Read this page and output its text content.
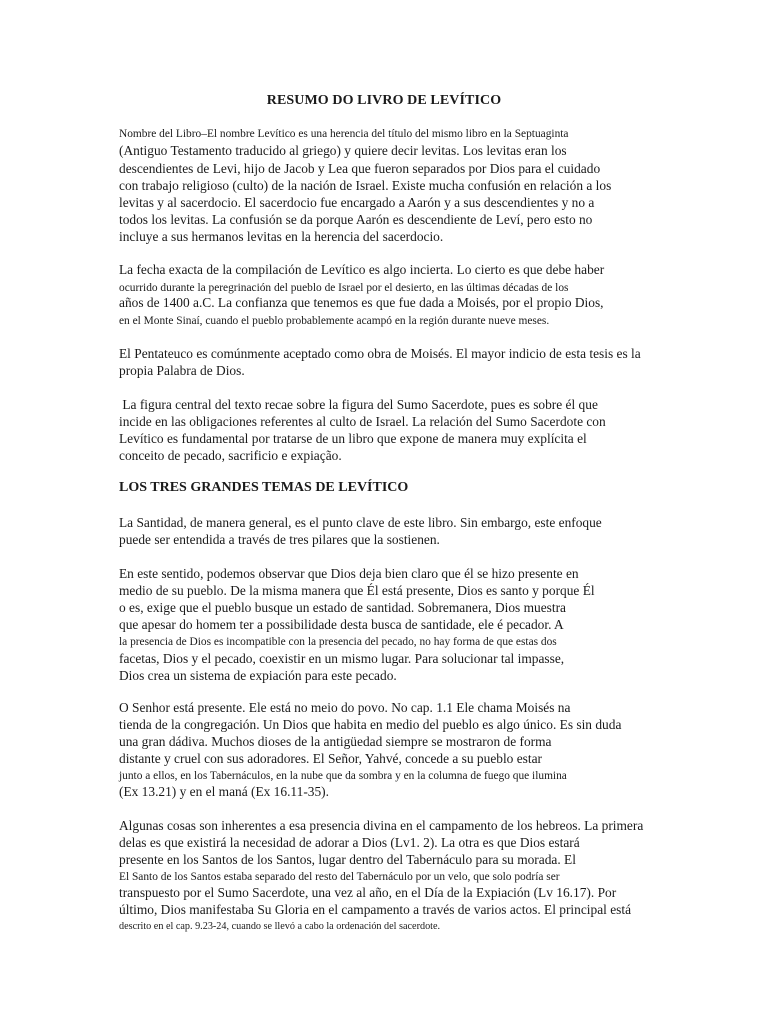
RESUMO DO LIVRO DE LEVÍTICO
Nombre del Libro–El nombre Levítico es una herencia del título del mismo libro en la Septuaginta
(Antiguo Testamento traducido al griego) y quiere decir levitas. Los levitas eran los
descendientes de Levi, hijo de Jacob y Lea que fueron separados por Dios para el cuidado
con trabajo religioso (culto) de la nación de Israel. Existe mucha confusión en relación a los
levitas y al sacerdocio. El sacerdocio fue encargado a Aarón y a sus descendientes y no a
todos los levitas. La confusión se da porque Aarón es descendiente de Leví, pero esto no
incluye a sus hermanos levitas en la herencia del sacerdocio.
La fecha exacta de la compilación de Levítico es algo incierta. Lo cierto es que debe haber
ocurrido durante la peregrinación del pueblo de Israel por el desierto, en las últimas décadas de los
años de 1400 a.C. La confianza que tenemos es que fue dada a Moisés, por el propio Dios,
en el Monte Sinaí, cuando el pueblo probablemente acampó en la región durante nueve meses.
El Pentateuco es comúnmente aceptado como obra de Moisés. El mayor indicio de esta tesis es la
propia Palabra de Dios.
La figura central del texto recae sobre la figura del Sumo Sacerdote, pues es sobre él que
incide en las obligaciones referentes al culto de Israel. La relación del Sumo Sacerdote con
Levítico es fundamental por tratarse de un libro que expone de manera muy explícita el
conceito de pecado, sacrificio e expiação.
LOS TRES GRANDES TEMAS DE LEVÍTICO
La Santidad, de manera general, es el punto clave de este libro. Sin embargo, este enfoque
puede ser entendida a través de tres pilares que la sostienen.
En este sentido, podemos observar que Dios deja bien claro que él se hizo presente en
medio de su pueblo. De la misma manera que Él está presente, Dios es santo y porque Él
o es, exige que el pueblo busque un estado de santidad. Sobremanera, Dios muestra
que apesar do homem ter a possibilidade desta busca de santidade, ele é pecador. A
la presencia de Dios es incompatible con la presencia del pecado, no hay forma de que estas dos
facetas, Dios y el pecado, coexistir en un mismo lugar. Para solucionar tal impasse,
Dios crea un sistema de expiación para este pecado.
O Senhor está presente. Ele está no meio do povo. No cap. 1.1 Ele chama Moisés na
tienda de la congregación. Un Dios que habita en medio del pueblo es algo único. Es sin duda
una gran dádiva. Muchos dioses de la antigüedad siempre se mostraron de forma
distante y cruel con sus adoradores. El Señor, Yahvé, concede a su pueblo estar
junto a ellos, en los Tabernáculos, en la nube que da sombra y en la columna de fuego que ilumina
(Ex 13.21) y en el maná (Ex 16.11-35).
Algunas cosas son inherentes a esa presencia divina en el campamento de los hebreos. La primera
delas es que existirá la necesidad de adorar a Dios (Lv1. 2). La otra es que Dios estará
presente en los Santos de los Santos, lugar dentro del Tabernáculo para su morada. El
El Santo de los Santos estaba separado del resto del Tabernáculo por un velo, que solo podría ser
transpuesto por el Sumo Sacerdote, una vez al año, en el Día de la Expiación (Lv 16.17). Por
último, Dios manifestaba Su Gloria en el campamento a través de varios actos. El principal está
descrito en el cap. 9.23-24, cuando se llevó a cabo la ordenación del sacerdote.
